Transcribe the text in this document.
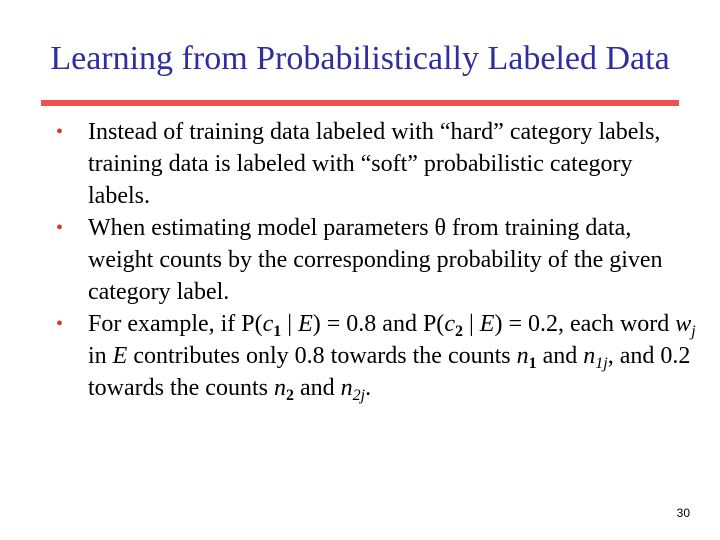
Learning from Probabilistically Labeled Data
• Instead of training data labeled with “hard” category labels, training data is labeled with “soft” probabilistic category labels.
• When estimating model parameters θ from training data, weight counts by the corresponding probability of the given category label.
• For example, if $P(c_1$ | E) = 0.8 and $P(c_2$ | E) = 0.2, each word $w_j$ in E contributes only 0.8 towards the counts $n_1$ and $n_{1j}$, and 0.2 towards the counts $n_2$ and $n_{2j}$.
30
